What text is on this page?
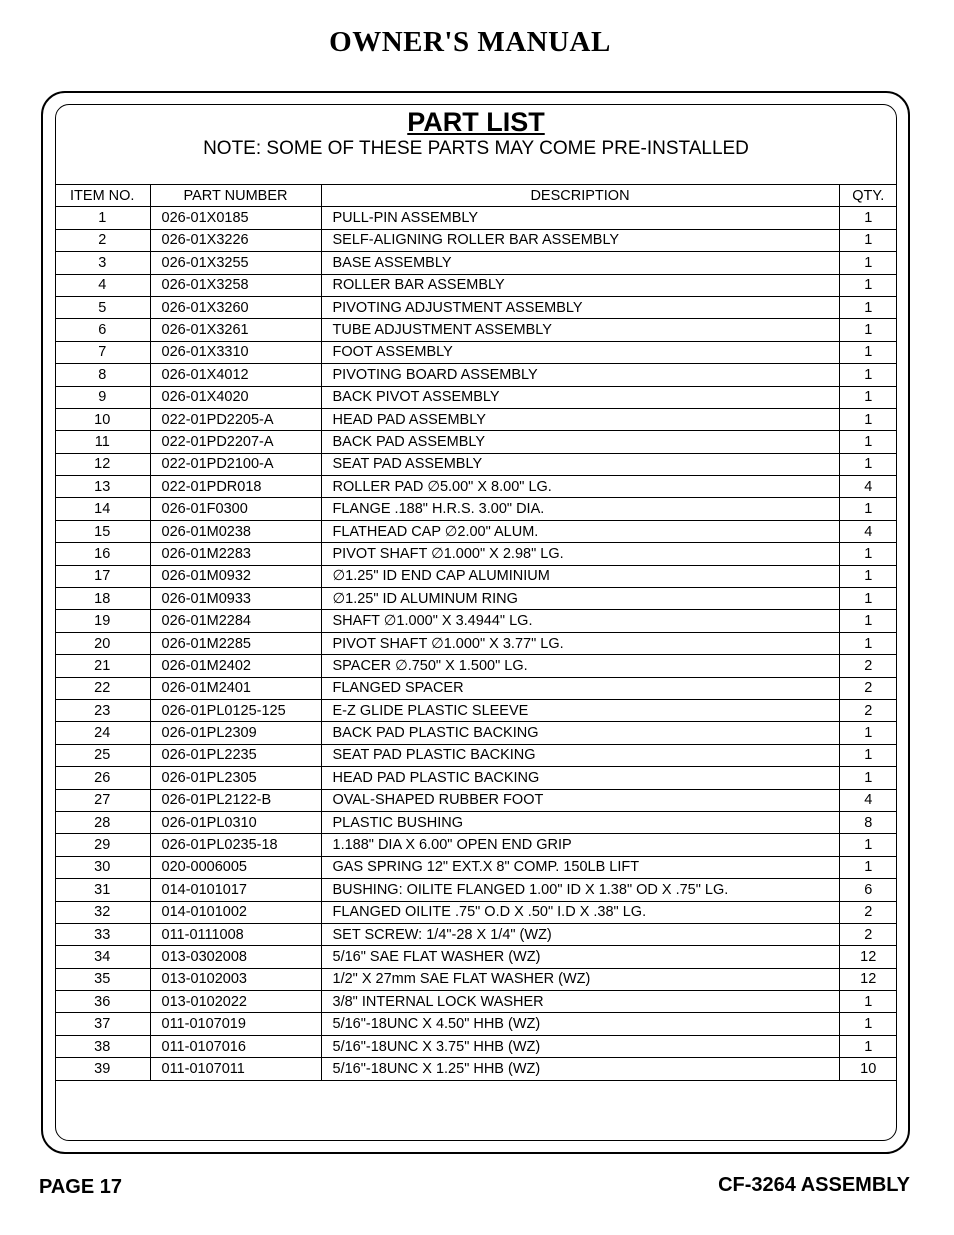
OWNER'S MANUAL
PART LIST
NOTE: SOME OF THESE PARTS MAY COME PRE-INSTALLED
ITEM NO.	PART NUMBER	DESCRIPTION	QTY.
1	026-01X0185	PULL-PIN ASSEMBLY	1
2	026-01X3226	SELF-ALIGNING ROLLER BAR ASSEMBLY	1
3	026-01X3255	BASE ASSEMBLY	1
4	026-01X3258	ROLLER BAR ASSEMBLY	1
5	026-01X3260	PIVOTING ADJUSTMENT ASSEMBLY	1
6	026-01X3261	TUBE ADJUSTMENT ASSEMBLY	1
7	026-01X3310	FOOT ASSEMBLY	1
8	026-01X4012	PIVOTING BOARD ASSEMBLY	1
9	026-01X4020	BACK PIVOT ASSEMBLY	1
10	022-01PD2205-A	HEAD PAD ASSEMBLY	1
11	022-01PD2207-A	BACK PAD ASSEMBLY	1
12	022-01PD2100-A	SEAT PAD ASSEMBLY	1
13	022-01PDR018	ROLLER PAD ∅5.00" X 8.00" LG.	4
14	026-01F0300	FLANGE .188" H.R.S. 3.00" DIA.	1
15	026-01M0238	FLATHEAD CAP ∅2.00" ALUM.	4
16	026-01M2283	PIVOT SHAFT ∅1.000" X 2.98" LG.	1
17	026-01M0932	∅1.25" ID END CAP ALUMINIUM	1
18	026-01M0933	∅1.25" ID ALUMINUM RING	1
19	026-01M2284	SHAFT ∅1.000" X 3.4944" LG.	1
20	026-01M2285	PIVOT SHAFT ∅1.000" X 3.77" LG.	1
21	026-01M2402	SPACER ∅.750" X 1.500" LG.	2
22	026-01M2401	FLANGED SPACER	2
23	026-01PL0125-125	E-Z GLIDE PLASTIC SLEEVE	2
24	026-01PL2309	BACK PAD PLASTIC BACKING	1
25	026-01PL2235	SEAT PAD PLASTIC BACKING	1
26	026-01PL2305	HEAD PAD PLASTIC BACKING	1
27	026-01PL2122-B	OVAL-SHAPED RUBBER FOOT	4
28	026-01PL0310	PLASTIC BUSHING	8
29	026-01PL0235-18	1.188" DIA X 6.00" OPEN END GRIP	1
30	020-0006005	GAS SPRING 12" EXT.X 8" COMP. 150LB LIFT	1
31	014-0101017	BUSHING: OILITE FLANGED 1.00" ID X 1.38" OD X .75" LG.	6
32	014-0101002	FLANGED OILITE .75" O.D X .50" I.D X .38" LG.	2
33	011-0111008	SET SCREW: 1/4"-28 X 1/4" (WZ)	2
34	013-0302008	5/16" SAE FLAT WASHER (WZ)	12
35	013-0102003	1/2" X 27mm SAE FLAT WASHER (WZ)	12
36	013-0102022	3/8" INTERNAL LOCK WASHER	1
37	011-0107019	5/16"-18UNC X 4.50" HHB (WZ)	1
38	011-0107016	5/16"-18UNC X 3.75" HHB (WZ)	1
39	011-0107011	5/16"-18UNC X 1.25" HHB (WZ)	10
PAGE 17	CF-3264 ASSEMBLY
